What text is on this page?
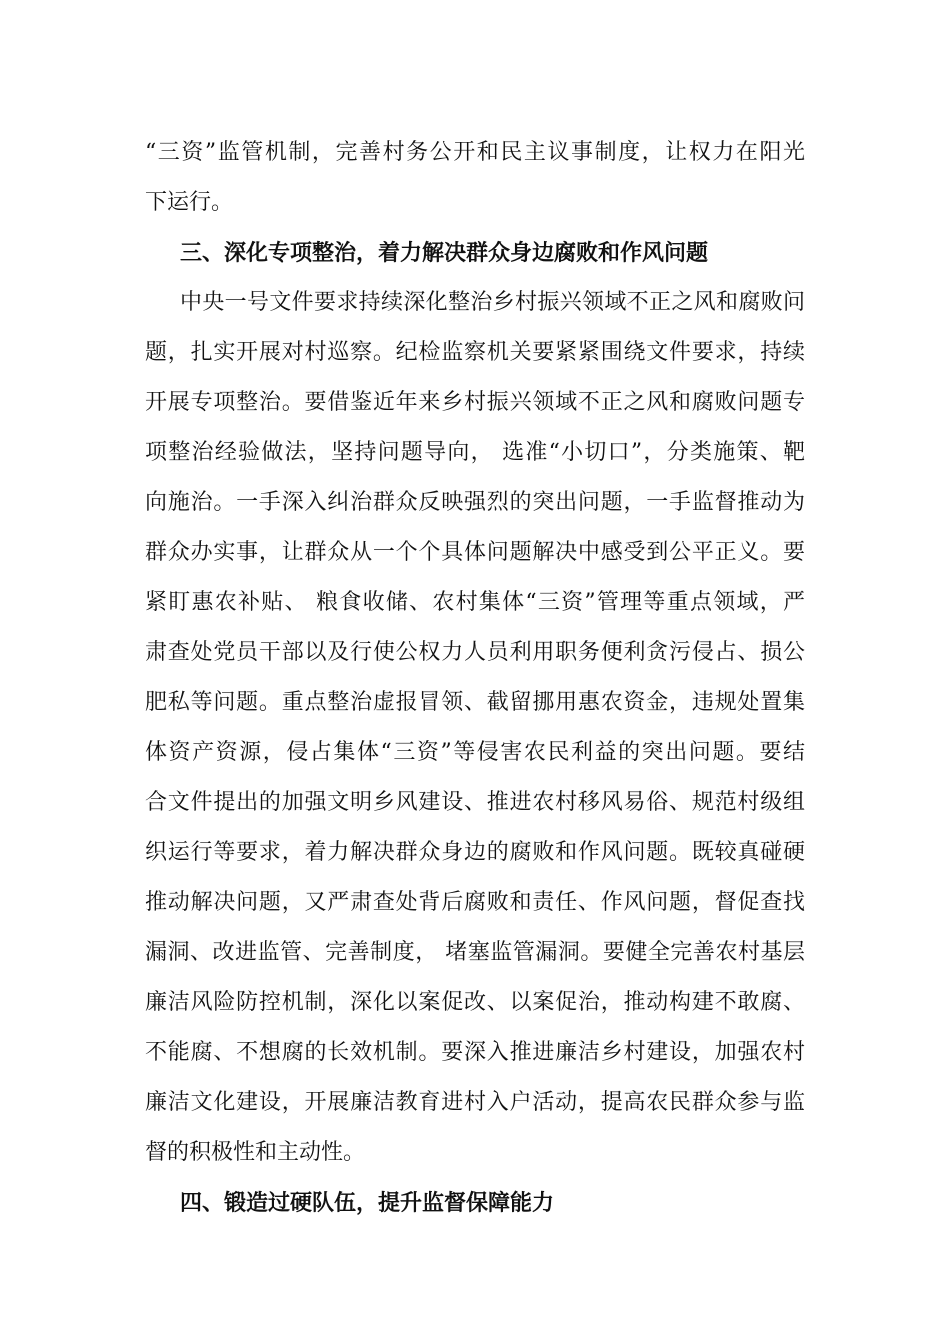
“三资”监管机制，完善村务公开和民主议事制度，让权力在阳光
下运行。
三、深化专项整治，着力解决群众身边腐败和作风问题
中央一号文件要求持续深化整治乡村振兴领域不正之风和腐败问
题，扎实开展对村巡察。纪检监察机关要紧紧围绕文件要求，持续
开展专项整治。要借鉴近年来乡村振兴领域不正之风和腐败问题专
项整治经验做法，坚持问题导向， 选准“小切口”，分类施策、靶
向施治。一手深入纠治群众反映强烈的突出问题，一手监督推动为
群众办实事，让群众从一个个具体问题解决中感受到公平正义。要
紧盯惠农补贴、 粮食收储、农村集体“三资”管理等重点领域，严
肃查处党员干部以及行使公权力人员利用职务便利贪污侵占、损公
肥私等问题。重点整治虚报冒领、截留挪用惠农资金，违规处置集
体资产资源，侵占集体“三资”等侵害农民利益的突出问题。要结
合文件提出的加强文明乡风建设、推进农村移风易俗、规范村级组
织运行等要求，着力解决群众身边的腐败和作风问题。既较真碰硬
推动解决问题，又严肃查处背后腐败和责任、作风问题，督促查找
漏洞、改进监管、完善制度， 堵塞监管漏洞。要健全完善农村基层
廉洁风险防控机制，深化以案促改、以案促治，推动构建不敢腐、
不能腐、不想腐的长效机制。要深入推进廉洁乡村建设，加强农村
廉洁文化建设，开展廉洁教育进村入户活动，提高农民群众参与监
督的积极性和主动性。
四、锻造过硬队伍，提升监督保障能力
